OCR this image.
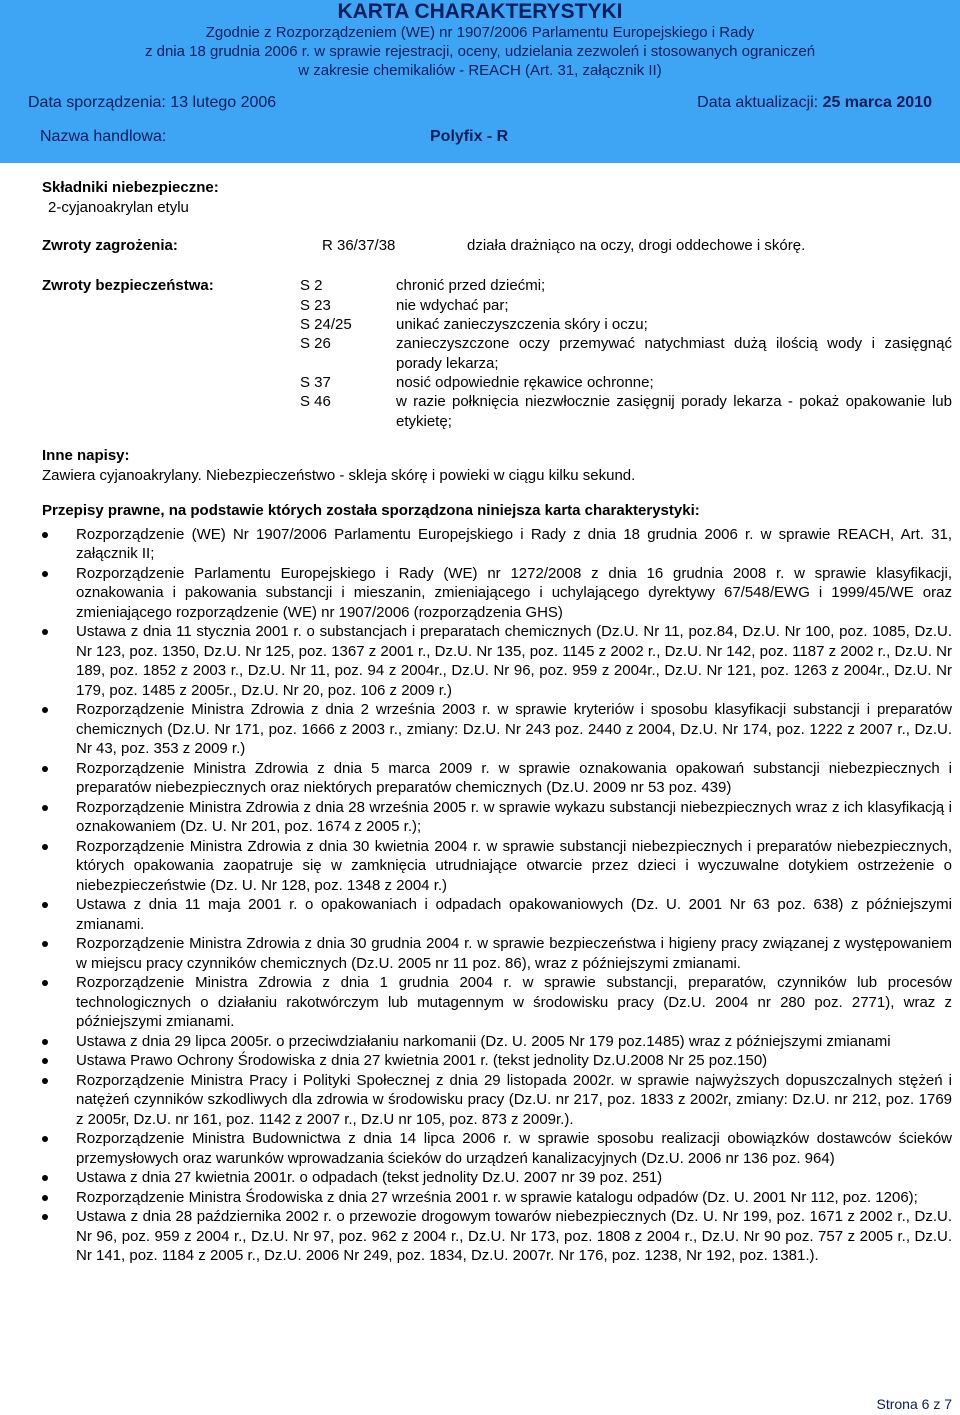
KARTA CHARAKTERYSTYKI
Zgodnie z Rozporządzeniem (WE) nr 1907/2006 Parlamentu Europejskiego i Rady
z dnia 18 grudnia 2006 r. w sprawie rejestracji, oceny, udzielania zezwoleń i stosowanych ograniczeń
w zakresie chemikaliów - REACH (Art. 31, załącznik II)
Data sporządzenia: 13 lutego 2006	Data aktualizacji: 25 marca 2010
Nazwa handlowa:	Polyfix - R
Składniki niebezpieczne:
2-cyjanoakrylan etylu
Zwroty zagrożenia:	R 36/37/38	działa drażniąco na oczy, drogi oddechowe i skórę.
Zwroty bezpieczeństwa:	S 2	chronić przed dziećmi;
S 23	nie wdychać par;
S 24/25	unikać zanieczyszczenia skóry i oczu;
S 26	zanieczyszczone oczy przemywać natychmiast dużą ilością wody i zasięgnąć porady lekarza;
S 37	nosić odpowiednie rękawice ochronne;
S 46	w razie połknięcia niezwłocznie zasięgnij porady lekarza - pokaż opakowanie lub etykietę;
Inne napisy:
Zawiera cyjanoakrylany. Niebezpieczeństwo - skleja skórę i powieki w ciągu kilku sekund.
Przepisy prawne, na podstawie których została sporządzona niniejsza karta charakterystyki:
Rozporządzenie (WE) Nr 1907/2006 Parlamentu Europejskiego i Rady z dnia 18 grudnia 2006 r. w sprawie REACH, Art. 31, załącznik II;
Rozporządzenie Parlamentu Europejskiego i Rady (WE) nr 1272/2008 z dnia 16 grudnia 2008 r. w sprawie klasyfikacji, oznakowania i pakowania substancji i mieszanin, zmieniającego i uchylającego dyrektywy 67/548/EWG i 1999/45/WE oraz zmieniającego rozporządzenie (WE) nr 1907/2006 (rozporządzenia GHS)
Ustawa z dnia 11 stycznia 2001 r. o substancjach i preparatach chemicznych (Dz.U. Nr 11, poz.84, Dz.U. Nr 100, poz. 1085, Dz.U. Nr 123, poz. 1350, Dz.U. Nr 125, poz. 1367 z 2001 r., Dz.U. Nr 135, poz. 1145 z 2002 r., Dz.U. Nr 142, poz. 1187 z 2002 r., Dz.U. Nr 189, poz. 1852 z 2003 r., Dz.U. Nr 11, poz. 94 z 2004r., Dz.U. Nr 96, poz. 959 z 2004r., Dz.U. Nr 121, poz. 1263 z 2004r., Dz.U. Nr 179, poz. 1485 z 2005r., Dz.U. Nr 20, poz. 106 z 2009 r.)
Rozporządzenie Ministra Zdrowia z dnia 2 września 2003 r. w sprawie kryteriów i sposobu klasyfikacji substancji i preparatów chemicznych (Dz.U. Nr 171, poz. 1666 z 2003 r., zmiany: Dz.U. Nr 243 poz. 2440 z 2004, Dz.U. Nr 174, poz. 1222 z 2007 r., Dz.U. Nr 43, poz. 353 z 2009 r.)
Rozporządzenie Ministra Zdrowia z dnia 5 marca 2009 r. w sprawie oznakowania opakowań substancji niebezpiecznych i preparatów niebezpiecznych oraz niektórych preparatów chemicznych (Dz.U. 2009 nr 53 poz. 439)
Rozporządzenie Ministra Zdrowia z dnia 28 września 2005 r. w sprawie wykazu substancji niebezpiecznych wraz z ich klasyfikacją i oznakowaniem (Dz. U. Nr 201, poz. 1674 z 2005 r.);
Rozporządzenie Ministra Zdrowia z dnia 30 kwietnia 2004 r. w sprawie substancji niebezpiecznych i preparatów niebezpiecznych, których opakowania zaopatruje się w zamknięcia utrudniające otwarcie przez dzieci i wyczuwalne dotykiem ostrzeżenie o niebezpieczeństwie (Dz. U. Nr 128, poz. 1348 z 2004 r.)
Ustawa z dnia 11 maja 2001 r. o opakowaniach i odpadach opakowaniowych (Dz. U. 2001 Nr 63 poz. 638) z późniejszymi zmianami.
Rozporządzenie Ministra Zdrowia z dnia 30 grudnia 2004 r. w sprawie bezpieczeństwa i higieny pracy związanej z występowaniem w miejscu pracy czynników chemicznych (Dz.U. 2005 nr 11 poz. 86), wraz z późniejszymi zmianami.
Rozporządzenie Ministra Zdrowia z dnia 1 grudnia 2004 r. w sprawie substancji, preparatów, czynników lub procesów technologicznych o działaniu rakotwórczym lub mutagennym w środowisku pracy (Dz.U. 2004 nr 280 poz. 2771), wraz z późniejszymi zmianami.
Ustawa z dnia 29 lipca 2005r. o przeciwdziałaniu narkomanii (Dz. U. 2005 Nr 179 poz.1485) wraz z późniejszymi zmianami
Ustawa Prawo Ochrony Środowiska z dnia 27 kwietnia 2001 r. (tekst jednolity Dz.U.2008 Nr 25 poz.150)
Rozporządzenie Ministra Pracy i Polityki Społecznej z dnia 29 listopada 2002r. w sprawie najwyższych dopuszczalnych stężeń i natężeń czynników szkodliwych dla zdrowia w środowisku pracy (Dz.U. nr 217, poz. 1833 z 2002r, zmiany: Dz.U. nr 212, poz. 1769 z 2005r, Dz.U. nr 161, poz. 1142 z 2007 r., Dz.U nr 105, poz. 873 z 2009r.).
Rozporządzenie Ministra Budownictwa z dnia 14 lipca 2006 r. w sprawie sposobu realizacji obowiązków dostawców ścieków przemysłowych oraz warunków wprowadzania ścieków do urządzeń kanalizacyjnych (Dz.U. 2006 nr 136 poz. 964)
Ustawa z dnia 27 kwietnia 2001r. o odpadach (tekst jednolity Dz.U. 2007 nr 39 poz. 251)
Rozporządzenie Ministra Środowiska z dnia 27 września 2001 r. w sprawie katalogu odpadów (Dz. U. 2001 Nr 112, poz. 1206);
Ustawa z dnia 28 października 2002 r. o przewozie drogowym towarów niebezpiecznych (Dz. U. Nr 199, poz. 1671 z 2002 r., Dz.U. Nr 96, poz. 959 z 2004 r., Dz.U. Nr 97, poz. 962 z 2004 r., Dz.U. Nr 173, poz. 1808 z 2004 r., Dz.U. Nr 90 poz. 757 z 2005 r., Dz.U. Nr 141, poz. 1184 z 2005 r., Dz.U. 2006 Nr 249, poz. 1834, Dz.U. 2007r. Nr 176, poz. 1238, Nr 192, poz. 1381.).
Strona 6 z 7
